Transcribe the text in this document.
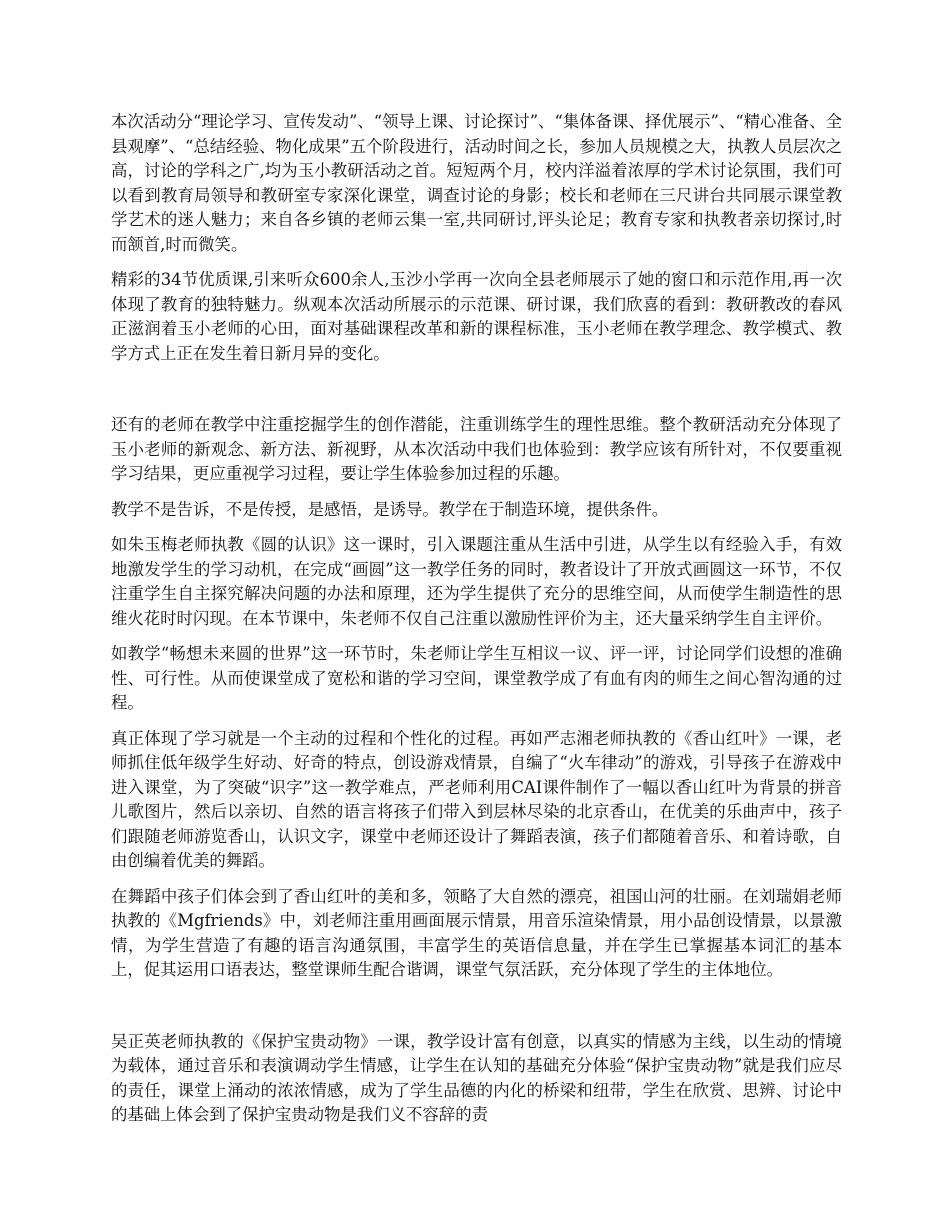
本次活动分“理论学习、宣传发动”、“领导上课、讨论探讨”、“集体备课、择优展示”、“精心准备、全县观摩”、“总结经验、物化成果”五个阶段进行，活动时间之长，参加人员规模之大，执教人员层次之高，讨论的学科之广,均为玉小教研活动之首。短短两个月，校内洋溢着浓厚的学术讨论氛围，我们可以看到教育局领导和教研室专家深化课堂，调查讨论的身影；校长和老师在三尺讲台共同展示课堂教学艺术的迷人魅力；来自各乡镇的老师云集一室,共同研讨,评头论足；教育专家和执教者亲切探讨,时而颔首,时而微笑。

精彩的34节优质课,引来听众600余人,玉沙小学再一次向全县老师展示了她的窗口和示范作用,再一次体现了教育的独特魅力。纵观本次活动所展示的示范课、研讨课，我们欣喜的看到：教研教改的春风正滋润着玉小老师的心田，面对基础课程改革和新的课程标准，玉小老师在教学理念、教学模式、教学方式上正在发生着日新月异的变化。

还有的老师在教学中注重挖掘学生的创作潜能，注重训练学生的理性思维。整个教研活动充分体现了玉小老师的新观念、新方法、新视野，从本次活动中我们也体验到：教学应该有所针对，不仅要重视学习结果，更应重视学习过程，要让学生体验参加过程的乐趣。

教学不是告诉，不是传授，是感悟，是诱导。教学在于制造环境，提供条件。

如朱玉梅老师执教《圆的认识》这一课时，引入课题注重从生活中引进，从学生以有经验入手，有效地激发学生的学习动机，在完成“画圆”这一教学任务的同时，教者设计了开放式画圆这一环节，不仅注重学生自主探究解决问题的办法和原理，还为学生提供了充分的思维空间，从而使学生制造性的思维火花时时闪现。在本节课中，朱老师不仅自己注重以激励性评价为主，还大量采纳学生自主评价。

如教学“畅想未来圆的世界”这一环节时，朱老师让学生互相议一议、评一评，讨论同学们设想的准确性、可行性。从而使课堂成了宽松和谐的学习空间，课堂教学成了有血有肉的师生之间心智沟通的过程。

真正体现了学习就是一个主动的过程和个性化的过程。再如严志湘老师执教的《香山红叶》一课，老师抓住低年级学生好动、好奇的特点，创设游戏情景，自编了“火车律动”的游戏，引导孩子在游戏中进入课堂，为了突破“识字”这一教学难点，严老师利用CAI课件制作了一幅以香山红叶为背景的拼音儿歌图片，然后以亲切、自然的语言将孩子们带入到层林尽染的北京香山，在优美的乐曲声中，孩子们跟随老师游览香山，认识文字，课堂中老师还设计了舞蹈表演，孩子们都随着音乐、和着诗歌，自由创编着优美的舞蹈。

在舞蹈中孩子们体会到了香山红叶的美和多，领略了大自然的漂亮，祖国山河的壮丽。在刘瑞娟老师执教的《Mgfriends》中，刘老师注重用画面展示情景，用音乐渲染情景，用小品创设情景，以景激情，为学生营造了有趣的语言沟通氛围，丰富学生的英语信息量，并在学生已掌握基本词汇的基本上，促其运用口语表达，整堂课师生配合谐调，课堂气氛活跃，充分体现了学生的主体地位。

吴正英老师执教的《保护宝贵动物》一课，教学设计富有创意，以真实的情感为主线，以生动的情境为载体，通过音乐和表演调动学生情感，让学生在认知的基础充分体验“保护宝贵动物”就是我们应尽的责任，课堂上涌动的浓浓情感，成为了学生品德的内化的桥梁和纽带，学生在欣赏、思辨、讨论中的基础上体会到了保护宝贵动物是我们义不容辞的责
